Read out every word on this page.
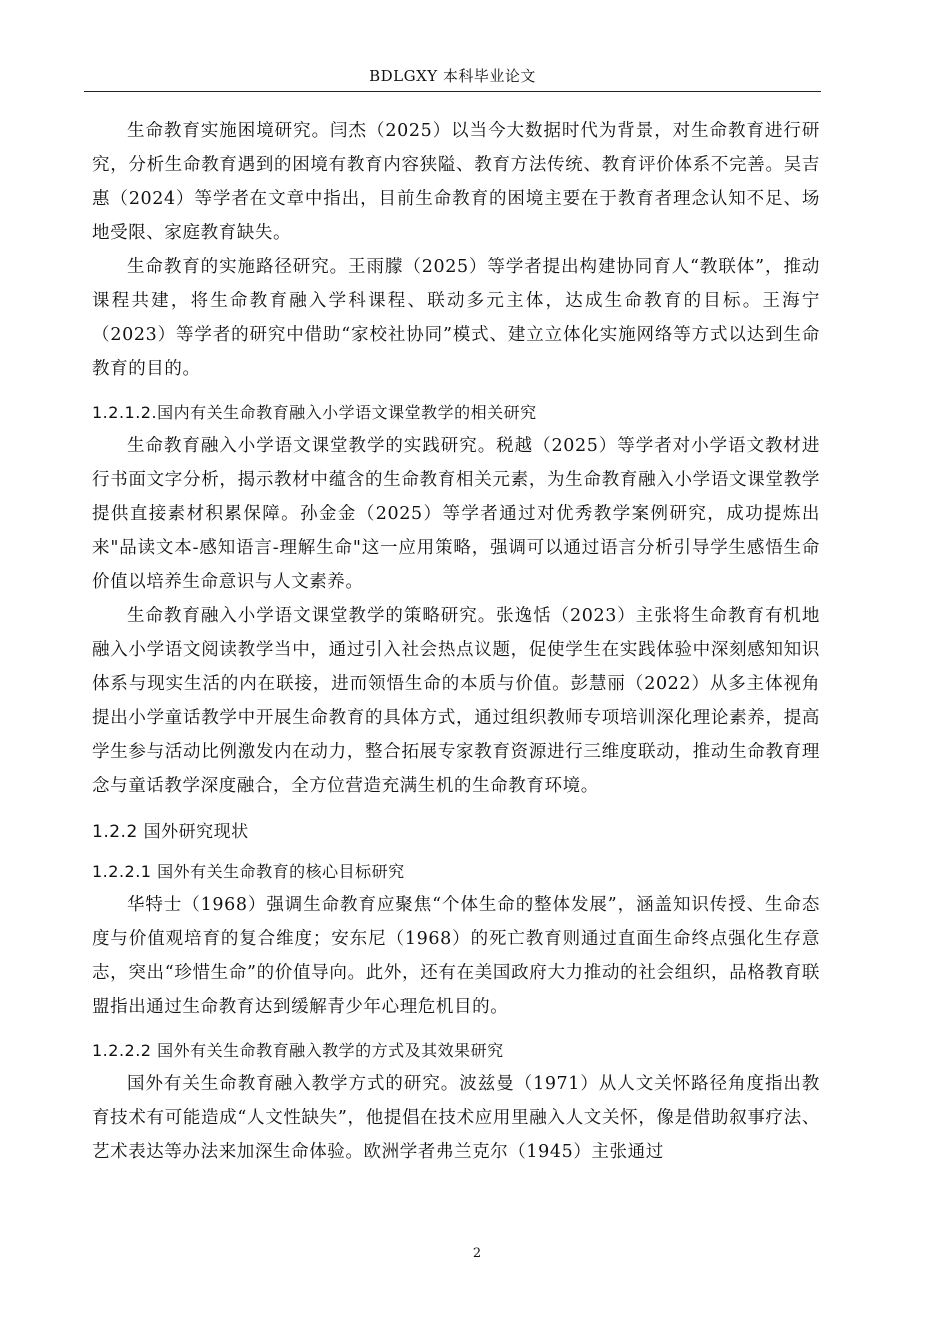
BDLGXY 本科毕业论文

生命教育实施困境研究。闫杰（2025）以当今大数据时代为背景，对生命教育进行研究，分析生命教育遇到的困境有教育内容狭隘、教育方法传统、教育评价体系不完善。吴吉惠（2024）等学者在文章中指出，目前生命教育的困境主要在于教育者理念认知不足、场地受限、家庭教育缺失。

生命教育的实施路径研究。王雨朦（2025）等学者提出构建协同育人“教联体”，推动课程共建，将生命教育融入学科课程、联动多元主体，达成生命教育的目标。王海宁（2023）等学者的研究中借助“家校社协同”模式、建立立体化实施网络等方式以达到生命教育的目的。

1.2.1.2.国内有关生命教育融入小学语文课堂教学的相关研究

生命教育融入小学语文课堂教学的实践研究。税越（2025）等学者对小学语文教材进行书面文字分析，揭示教材中蕴含的生命教育相关元素，为生命教育融入小学语文课堂教学提供直接素材积累保障。孙金金（2025）等学者通过对优秀教学案例研究，成功提炼出来"品读文本-感知语言-理解生命"这一应用策略，强调可以通过语言分析引导学生感悟生命价值以培养生命意识与人文素养。

生命教育融入小学语文课堂教学的策略研究。张逸恬（2023）主张将生命教育有机地融入小学语文阅读教学当中，通过引入社会热点议题，促使学生在实践体验中深刻感知知识体系与现实生活的内在联接，进而领悟生命的本质与价值。彭慧丽（2022）从多主体视角提出小学童话教学中开展生命教育的具体方式，通过组织教师专项培训深化理论素养，提高学生参与活动比例激发内在动力，整合拓展专家教育资源进行三维度联动，推动生命教育理念与童话教学深度融合，全方位营造充满生机的生命教育环境。

1.2.2 国外研究现状
1.2.2.1 国外有关生命教育的核心目标研究

华特士（1968）强调生命教育应聚焦“个体生命的整体发展”，涵盖知识传授、生命态度与价值观培育的复合维度；安东尼（1968）的死亡教育则通过直面生命终点强化生存意志，突出“珍惜生命”的价值导向。此外，还有在美国政府大力推动的社会组织，品格教育联盟指出通过生命教育达到缓解青少年心理危机目的。

1.2.2.2 国外有关生命教育融入教学的方式及其效果研究

国外有关生命教育融入教学方式的研究。波兹曼（1971）从人文关怀路径角度指出教育技术有可能造成“人文性缺失”，他提倡在技术应用里融入人文关怀，像是借助叙事疗法、艺术表达等办法来加深生命体验。欧洲学者弗兰克尔（1945）主张通过

2
